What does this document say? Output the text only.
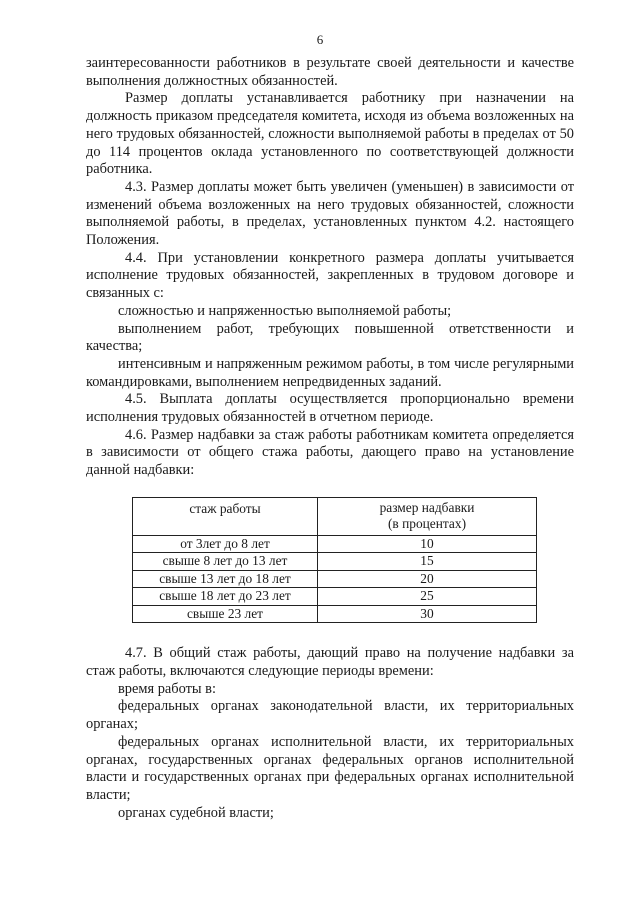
6

заинтересованности работников в результате своей деятельности и качестве выполнения должностных обязанностей.

Размер доплаты устанавливается работнику при назначении на должность приказом председателя комитета, исходя из объема возложенных на него трудовых обязанностей, сложности выполняемой работы в пределах от 50 до 114 процентов оклада установленного по соответствующей должности работника.

4.3. Размер доплаты может быть увеличен (уменьшен) в зависимости от изменений объема возложенных на него трудовых обязанностей, сложности выполняемой работы, в пределах, установленных пунктом 4.2. настоящего Положения.

4.4. При установлении конкретного размера доплаты учитывается исполнение трудовых обязанностей, закрепленных в трудовом договоре и связанных с:

сложностью и напряженностью выполняемой работы;

выполнением работ, требующих повышенной ответственности и качества;

интенсивным и напряженным режимом работы, в том числе регулярными командировками, выполнением непредвиденных заданий.

4.5. Выплата доплаты осуществляется пропорционально времени исполнения трудовых обязанностей в отчетном периоде.

4.6. Размер надбавки за стаж работы работникам комитета определяется в зависимости от общего стажа работы, дающего право на установление данной надбавки:

стаж работы	размер надбавки
(в процентах)
от 3лет до 8 лет	10
свыше 8 лет до 13 лет	15
свыше 13 лет до 18 лет	20
свыше 18 лет до 23 лет	25
свыше 23 лет	30

4.7. В общий стаж работы, дающий право на получение надбавки за стаж работы, включаются следующие периоды времени:

время работы в:

федеральных органах законодательной власти, их территориальных органах;

федеральных органах исполнительной власти, их территориальных органах, государственных органах федеральных органов исполнительной власти и государственных органах при федеральных органах исполнительной власти;

органах судебной власти;
